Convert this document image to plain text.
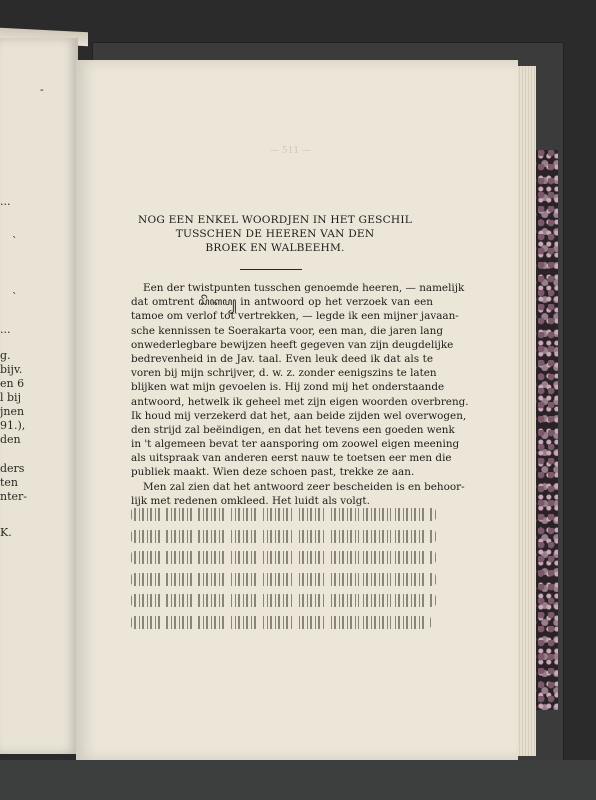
-
...
`
`
...
g.
bijv.
en 6
l bij
jnen
91.),
den
ders
ten
nter-
K.
— 511 —
NOG EEN ENKEL WOORDJEN IN HET GESCHIL
TUSSCHEN DE HEEREN VAN DEN
BROEK EN WALBEEHM.
Een der twistpunten tusschen genoemde heeren, — namelijk
dat omtrent ꦱꦼꦏꦥ꧀ in antwoord op het verzoek van een
tamoe om verlof tot vertrekken, — legde ik een mijner javaan-
sche kennissen te Soerakarta voor, een man, die jaren lang
onwederlegbare bewijzen heeft gegeven van zijn deugdelijke
bedrevenheid in de Jav. taal. Even leuk deed ik dat als te
voren bij mijn schrijver, d. w. z. zonder eenigszins te laten
blijken wat mijn gevoelen is. Hij zond mij het onderstaande
antwoord, hetwelk ik geheel met zijn eigen woorden overbreng.
Ik houd mij verzekerd dat het, aan beide zijden wel overwogen,
den strijd zal beëindigen, en dat het tevens een goeden wenk
in 't algemeen bevat ter aansporing om zoowel eigen meening
als uitspraak van anderen eerst nauw te toetsen eer men die
publiek maakt. Wien deze schoen past, trekke ze aan.
Men zal zien dat het antwoord zeer bescheiden is en behoor-
lijk met redenen omkleed. Het luidt als volgt.
